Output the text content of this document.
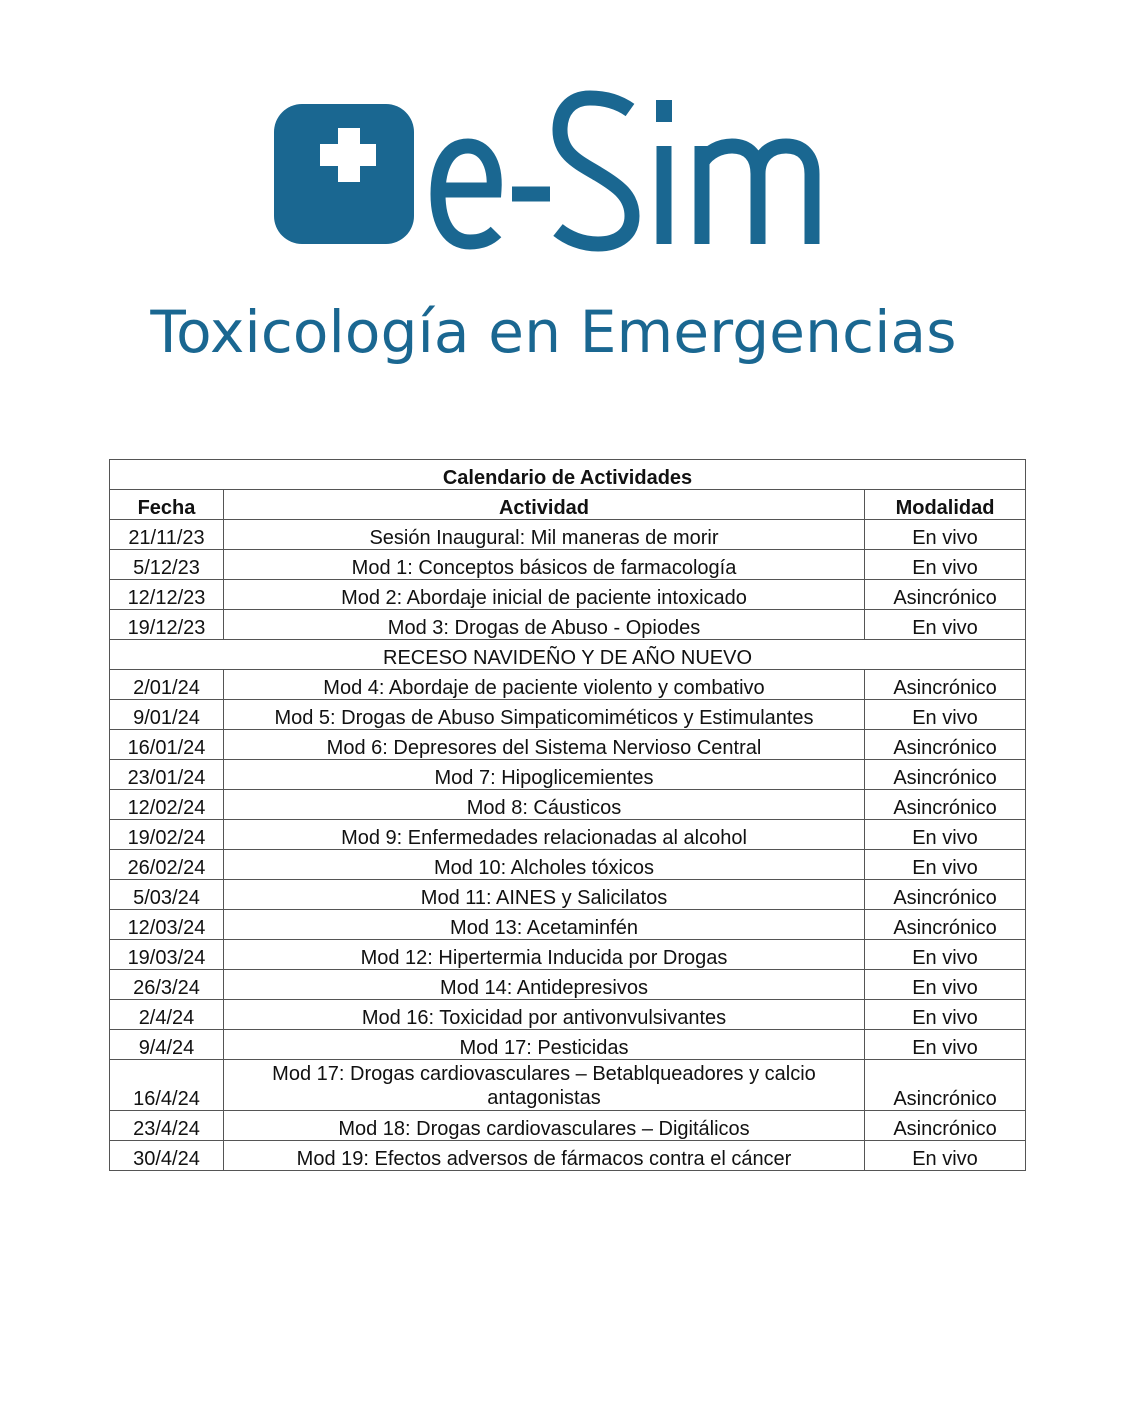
Toxicología en Emergencias
Calendario de Actividades		
Fecha	Actividad	Modalidad
21/11/23	Sesión Inaugural: Mil maneras de morir	En vivo
5/12/23	Mod 1: Conceptos básicos de farmacología	En vivo
12/12/23	Mod 2: Abordaje inicial de paciente intoxicado	Asincrónico
19/12/23	Mod 3: Drogas de Abuso - Opiodes	En vivo
RECESO NAVIDEÑO Y DE AÑO NUEVO		
2/01/24	Mod 4: Abordaje de paciente violento y combativo	Asincrónico
9/01/24	Mod 5: Drogas de Abuso Simpaticomiméticos y Estimulantes	En vivo
16/01/24	Mod 6: Depresores del Sistema Nervioso Central	Asincrónico
23/01/24	Mod 7: Hipoglicemientes	Asincrónico
12/02/24	Mod 8: Cáusticos	Asincrónico
19/02/24	Mod 9: Enfermedades relacionadas al alcohol	En vivo
26/02/24	Mod 10: Alcholes tóxicos	En vivo
5/03/24	Mod 11: AINES y Salicilatos	Asincrónico
12/03/24	Mod 13: Acetaminfén	Asincrónico
19/03/24	Mod 12: Hipertermia Inducida por Drogas	En vivo
26/3/24	Mod 14: Antidepresivos	En vivo
2/4/24	Mod 16: Toxicidad por antivonvulsivantes	En vivo
9/4/24	Mod 17: Pesticidas	En vivo
16/4/24	Mod 17: Drogas cardiovasculares – Betablqueadores y calcio antagonistas	Asincrónico
23/4/24	Mod 18: Drogas cardiovasculares – Digitálicos	Asincrónico
30/4/24	Mod 19: Efectos adversos de fármacos contra el cáncer	En vivo
